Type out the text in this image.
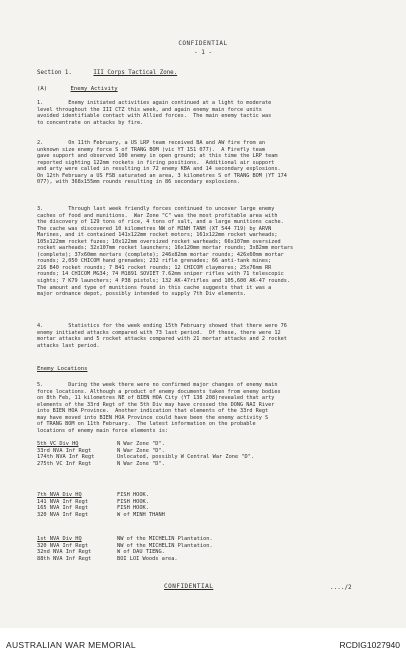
CONFIDENTIAL
- 1 -
Section 1.	III Corps Tactical Zone.
(A)	Enemy Activity
1.        Enemy initiated activities again continued at a light to moderate
level throughout the III CTZ this week, and again enemy main force units
avoided identifiable contact with Allied forces.  The main enemy tactic was
to concentrate on attacks by fire.
2.        On 11th February, a US LRP team received BA and AW fire from an
unknown size enemy force S of TRANG BOM (vic YT 151 077).  A Firefly team
gave support and observed 100 enemy in open ground; at this time the LRP team
reported sighting 122mm rockets in firing positions.  Additional air support
and arty were called in resulting in 72 enemy KBA and 14 secondary explosions.
On 12th February a US FSB saturated an area, 3 kilometres S of TRANG BOM (YT 174
077), with 368x155mm rounds resulting in 86 secondary explosions.
3.        Through last week friendly forces continued to uncover large enemy
caches of food and munitions.  War Zone "C" was the most profitable area with
the discovery of 129 tons of rice, 4 tons of salt, and a large munitions cache.
The cache was discovered 10 kilometres NW of MINH TANH (XT 544 719) by ARVN
Marines, and it contained 141x122mm rocket motors; 161x122mm rocket warheads;
105x122mm rocket fuzes; 10x122mm oversized rocket warheads; 66x107mm oversized
rocket warheads; 32x107mm rocket launchers; 16x120mm mortar rounds; 3x82mm mortars
(complete); 37x60mm mortars (complete); 246x82mm mortar rounds; 426x60mm mortar
rounds; 2,050 CHICOM hand grenades; 232 rifle grenades; 66 anti-tank mines;
216 B40 rocket rounds; 7 B41 rocket rounds; 12 CHICOM claymores; 25x76mm RR
rounds; 14 CHICOM MG34; 74 M1891 SOVIET 7.62mm sniper rifles with 71 telescopic
sights; 7 K79 launchers; 4 P38 pistols; 132 AK-47rifles and 105,600 AK-47 rounds.
The amount and type of munitions found in this cache suggests that it was a
major ordnance depot, possibly intended to supply 7th Div elements.
4.        Statistics for the week ending 15th February showed that there were 76
enemy initiated attacks compared with 73 last period.  Of these, there were 12
mortar attacks and 5 rocket attacks compared with 21 mortar attacks and 2 rocket
attacks last period.
Enemy Locations
5.        During the week there were no confirmed major changes of enemy main
force locations. Although a product of enemy documents taken from enemy bodies
on 8th Feb, 11 kilometres NE of BIEN HOA City (YT 138 208)revealed that arty
elements of the 33rd Regt of the 5th Div may have crossed the DONG NAI River
into BIEN HOA Province.  Another indication that elements of the 33rd Regt
may have moved into BIEN HOA Province could have been the enemy activity S
of TRANG BOM on 11th February.  The latest information on the probable
locations of enemy main force elements is:
5th VC Div HQ	N War Zone "D".
33rd NVA Inf Regt	N War Zone "D".
174th NVA Inf Regt	Unlocated, possibly W Central War Zone "D".
275th VC Inf Regt	N War Zone "D".
7th NVA Div HQ	FISH HOOK.
141 NVA Inf Regt	FISH HOOK.
165 NVA Inf Regt	FISH HOOK.
320 NVA Inf Regt	W of MINH THANH
1st NVA Div HQ	NW of the MICHELIN Plantation.
320 NVA Inf Regt	NW of the MICHELIN Plantation.
32nd NVA Inf Regt	W of DAU TIENG.
88th NVA Inf Regt	BOI LOI Woods area.
CONFIDENTIAL	..../2
AUSTRALIAN WAR MEMORIAL	RCDIG1027940
